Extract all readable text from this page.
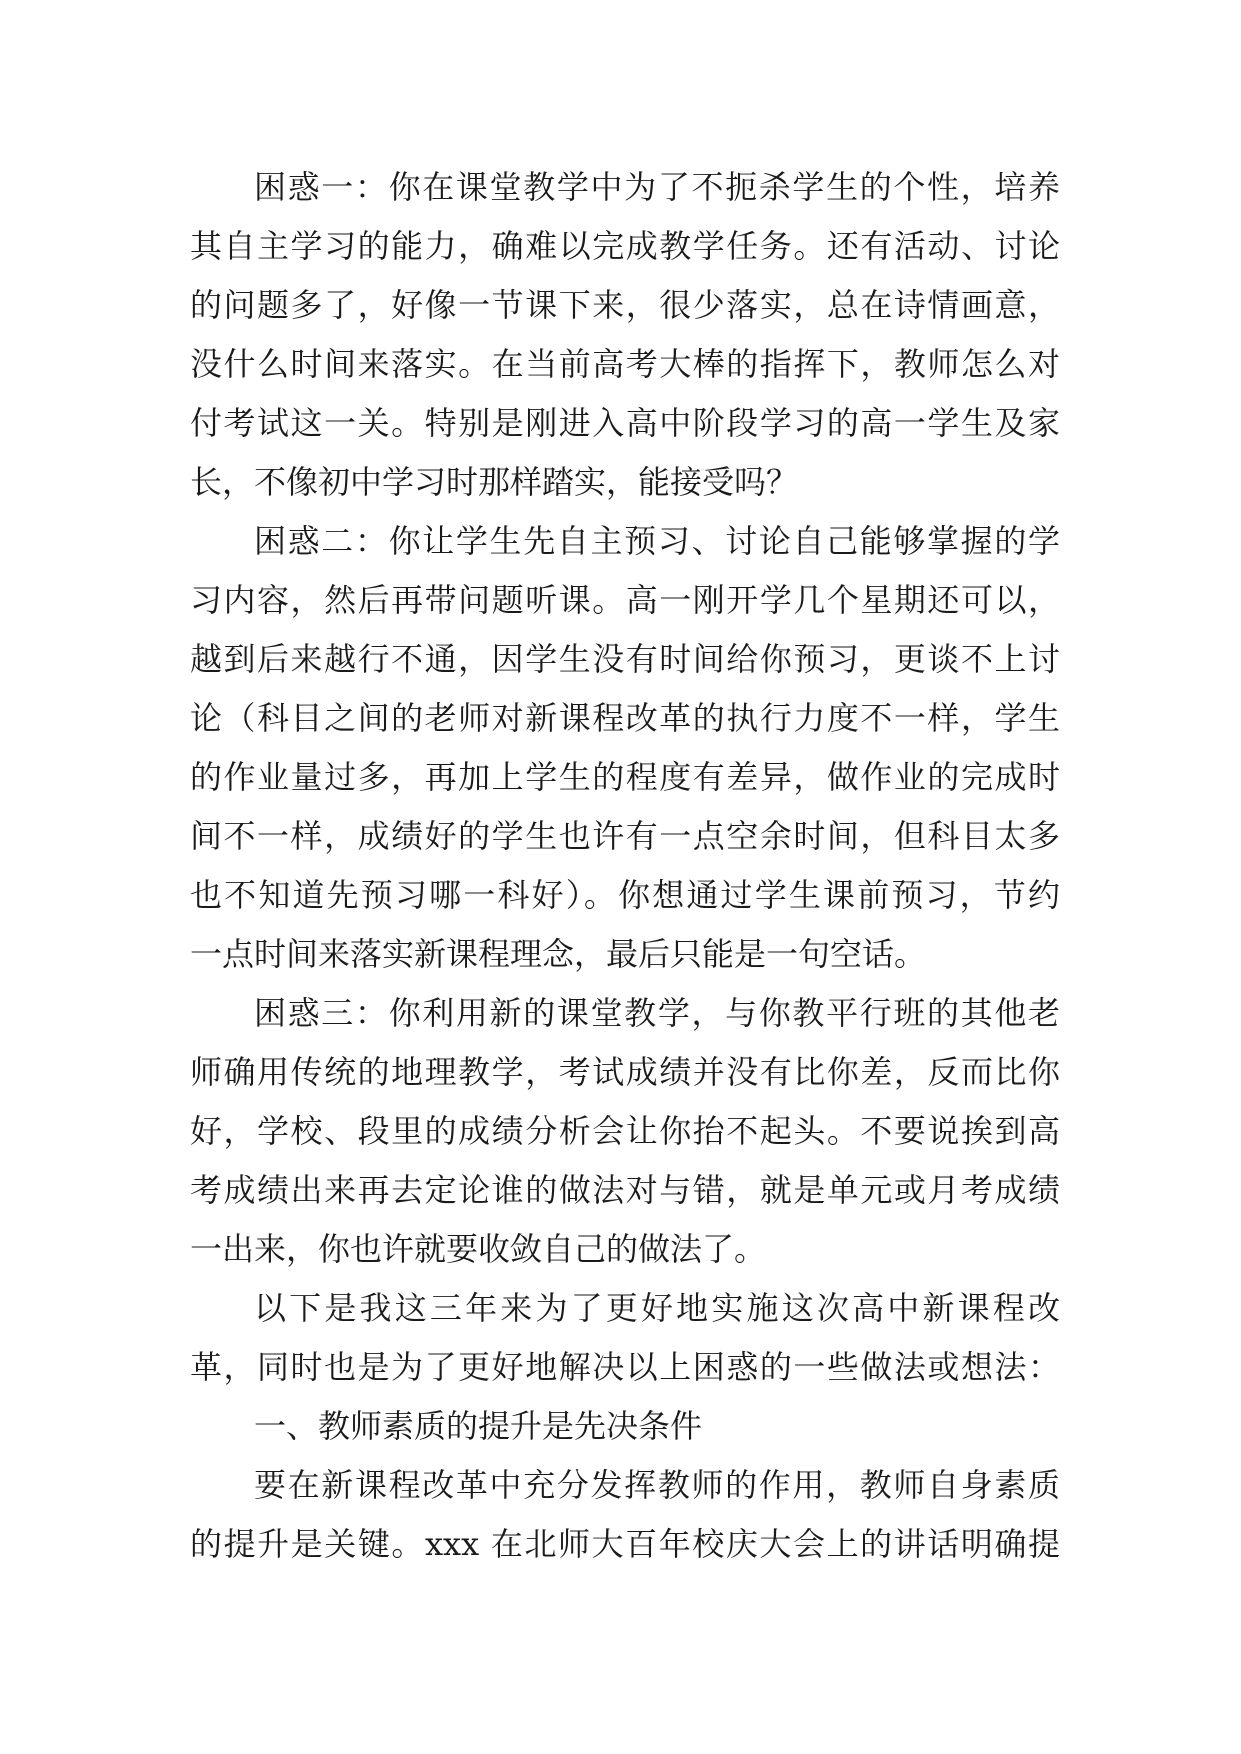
困惑一：你在课堂教学中为了不扼杀学生的个性，培养
其自主学习的能力，确难以完成教学任务。还有活动、讨论
的问题多了，好像一节课下来，很少落实，总在诗情画意，
没什么时间来落实。在当前高考大棒的指挥下，教师怎么对
付考试这一关。特别是刚进入高中阶段学习的高一学生及家
长，不像初中学习时那样踏实，能接受吗？
困惑二：你让学生先自主预习、讨论自己能够掌握的学
习内容，然后再带问题听课。高一刚开学几个星期还可以，
越到后来越行不通，因学生没有时间给你预习，更谈不上讨
论（科目之间的老师对新课程改革的执行力度不一样，学生
的作业量过多，再加上学生的程度有差异，做作业的完成时
间不一样，成绩好的学生也许有一点空余时间，但科目太多
也不知道先预习哪一科好）。你想通过学生课前预习，节约
一点时间来落实新课程理念，最后只能是一句空话。
困惑三：你利用新的课堂教学，与你教平行班的其他老
师确用传统的地理教学，考试成绩并没有比你差，反而比你
好，学校、段里的成绩分析会让你抬不起头。不要说挨到高
考成绩出来再去定论谁的做法对与错，就是单元或月考成绩
一出来，你也许就要收敛自己的做法了。
以下是我这三年来为了更好地实施这次高中新课程改
革，同时也是为了更好地解决以上困惑的一些做法或想法：
一、教师素质的提升是先决条件
要在新课程改革中充分发挥教师的作用，教师自身素质
的提升是关键。xxx 在北师大百年校庆大会上的讲话明确提
